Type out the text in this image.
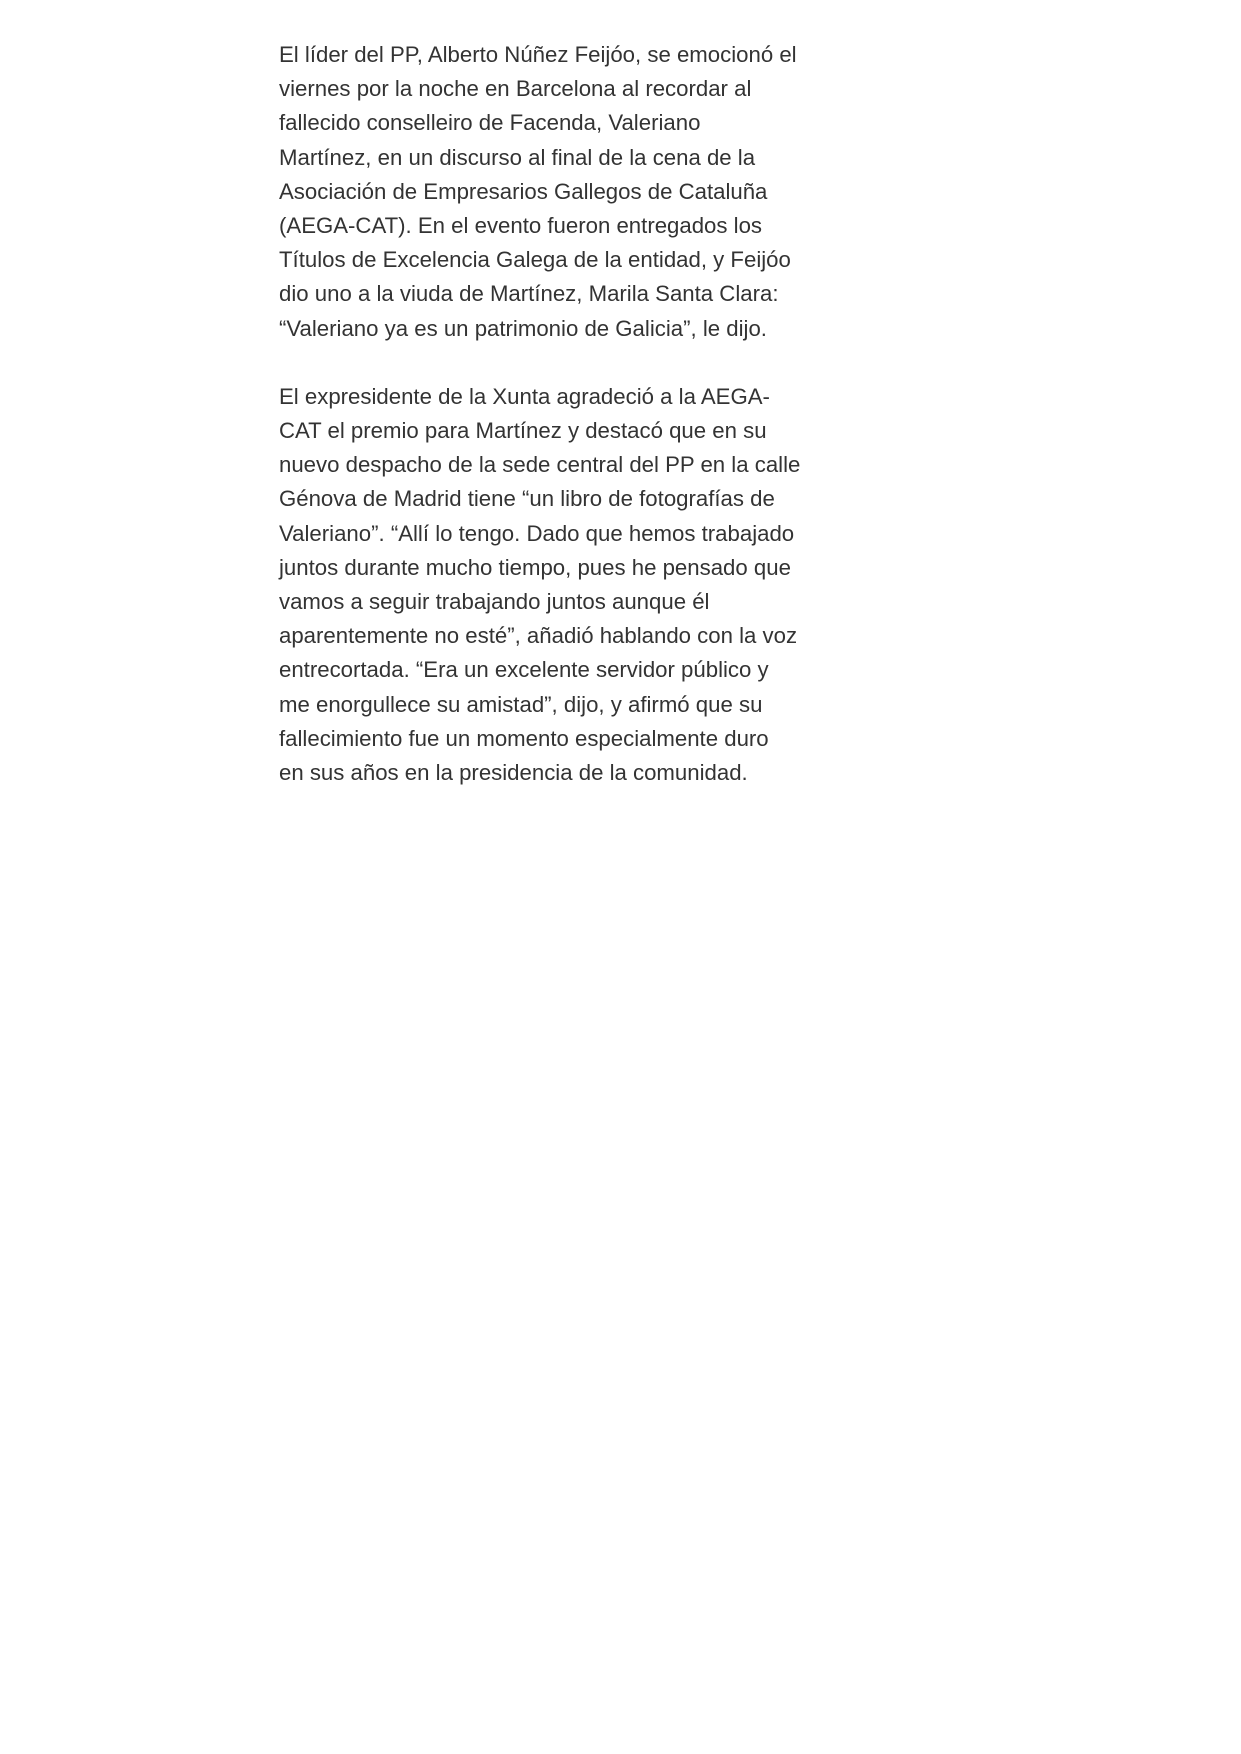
El líder del PP, Alberto Núñez Feijóo, se emocionó el
viernes por la noche en Barcelona al recordar al
fallecido conselleiro de Facenda, Valeriano
Martínez, en un discurso al final de la cena de la
Asociación de Empresarios Gallegos de Cataluña
(AEGA-CAT). En el evento fueron entregados los
Títulos de Excelencia Galega de la entidad, y Feijóo
dio uno a la viuda de Martínez, Marila Santa Clara:
“Valeriano ya es un patrimonio de Galicia”, le dijo.

El expresidente de la Xunta agradeció a la AEGA-
CAT el premio para Martínez y destacó que en su
nuevo despacho de la sede central del PP en la calle
Génova de Madrid tiene “un libro de fotografías de
Valeriano”. “Allí lo tengo. Dado que hemos trabajado
juntos durante mucho tiempo, pues he pensado que
vamos a seguir trabajando juntos aunque él
aparentemente no esté”, añadió hablando con la voz
entrecortada. “Era un excelente servidor público y
me enorgullece su amistad”, dijo, y afirmó que su
fallecimiento fue un momento especialmente duro
en sus años en la presidencia de la comunidad.
